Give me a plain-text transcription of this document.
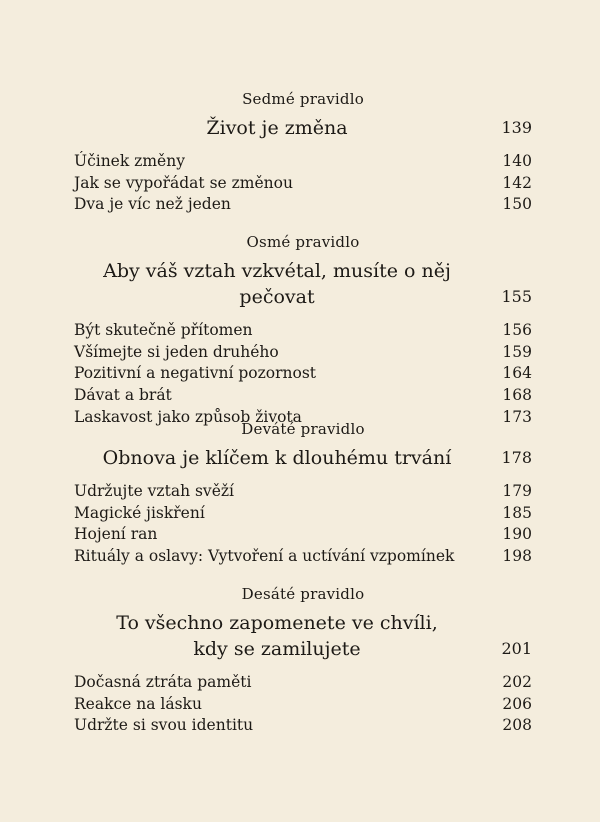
Sedmé pravidlo
Život je změna	139
Účinek změny	140
Jak se vypořádat se změnou	142
Dva je víc než jeden	150
Osmé pravidlo
Aby váš vztah vzkvétal, musíte o něj pečovat	155
Být skutečně přítomen	156
Všímejte si jeden druhého	159
Pozitivní a negativní pozornost	164
Dávat a brát	168
Laskavost jako způsob života	173
Deváté pravidlo
Obnova je klíčem k dlouhému trvání	178
Udržujte vztah svěží	179
Magické jiskření	185
Hojení ran	190
Rituály a oslavy: Vytvoření a uctívání vzpomínek	198
Desáté pravidlo
To všechno zapomenete ve chvíli,
kdy se zamilujete	201
Dočasná ztráta paměti	202
Reakce na lásku	206
Udržte si svou identitu	208
